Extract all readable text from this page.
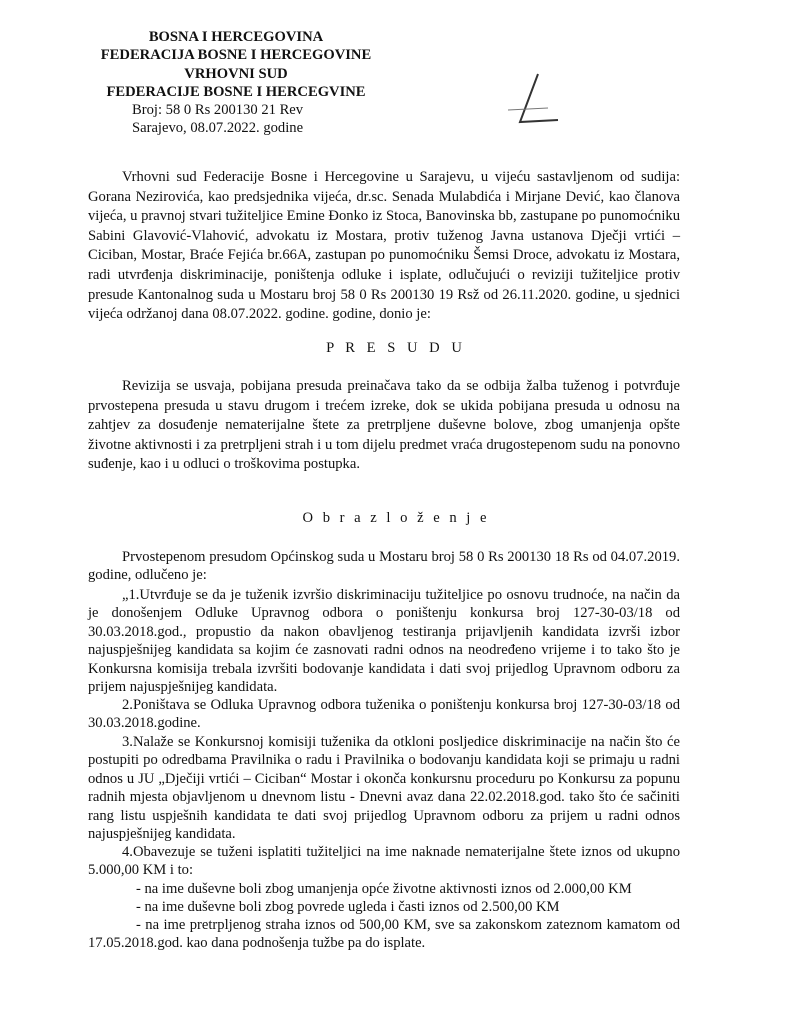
BOSNA I HERCEGOVINA
FEDERACIJA BOSNE I HERCEGOVINE
VRHOVNI SUD
FEDERACIJE BOSNE I HERCEGVINE
Broj: 58 0 Rs 200130 21 Rev
Sarajevo, 08.07.2022. godine
Vrhovni sud Federacije Bosne i Hercegovine u Sarajevu, u vijeću sastavljenom od sudija: Gorana Nezirovića, kao predsjednika vijeća, dr.sc. Senada Mulabdića i Mirjane Dević, kao članova vijeća, u pravnoj stvari tužiteljice Emine Đonko iz Stoca, Banovinska bb, zastupane po punomoćniku Sabini Glavović-Vlahović, advokatu iz Mostara, protiv tuženog Javna ustanova Dječji vrtići – Ciciban, Mostar, Braće Fejića br.66A, zastupan po punomoćniku Šemsi Droce, advokatu iz Mostara, radi utvrđenja diskriminacije, poništenja odluke i isplate, odlučujući o reviziji tužiteljice protiv presude Kantonalnog suda u Mostaru broj 58 0 Rs 200130 19 Rsž od 26.11.2020. godine, u sjednici vijeća održanoj dana 08.07.2022. godine. godine, donio je:
P R E S U D U
Revizija se usvaja, pobijana presuda preinačava tako da se odbija žalba tuženog i potvrđuje prvostepena presuda u stavu drugom i trećem izreke, dok se ukida pobijana presuda u odnosu na zahtjev za dosuđenje nematerijalne štete za pretrpljene duševne bolove, zbog umanjenja opšte životne aktivnosti i za pretrpljeni strah i u tom dijelu predmet vraća drugostepenom sudu na ponovno suđenje, kao i u odluci o troškovima postupka.
O b r a z l o ž e n j e
Prvostepenom presudom Općinskog suda u Mostaru broj 58 0 Rs 200130 18 Rs od 04.07.2019. godine, odlučeno je:
„1.Utvrđuje se da je tuženik izvršio diskriminaciju tužiteljice po osnovu trudnoće, na način da je donošenjem Odluke Upravnog odbora o poništenju konkursa broj 127-30-03/18 od 30.03.2018.god., propustio da nakon obavljenog testiranja prijavljenih kandidata izvrši izbor najuspješnijeg kandidata sa kojim će zasnovati radni odnos na neodređeno vrijeme i to tako što je Konkursna komisija trebala izvršiti bodovanje kandidata i dati svoj prijedlog Upravnom odboru za prijem najuspješnijeg kandidata.
2.Poništava se Odluka Upravnog odbora tuženika o poništenju konkursa broj 127-30-03/18 od 30.03.2018.godine.
3.Nalaže se Konkursnoj komisiji tuženika da otkloni posljedice diskriminacije na način što će postupiti po odredbama Pravilnika o radu i Pravilnika o bodovanju kandidata koji se primaju u radni odnos u JU „Dječiji vrtići – Ciciban“ Mostar i okonča konkursnu proceduru po Konkursu za popunu radnih mjesta objavljenom u dnevnom listu - Dnevni avaz dana 22.02.2018.god. tako što će sačiniti rang listu uspješnih kandidata te dati svoj prijedlog Upravnom odboru za prijem u radni odnos najuspješnijeg kandidata.
4.Obavezuje se tuženi isplatiti tužiteljici na ime naknade nematerijalne štete iznos od ukupno 5.000,00 KM i to:
- na ime duševne boli zbog umanjenja opće životne aktivnosti iznos od 2.000,00 KM
- na ime duševne boli zbog povrede ugleda i časti iznos od 2.500,00 KM
- na ime pretrpljenog straha iznos od 500,00 KM, sve sa zakonskom zateznom kamatom od 17.05.2018.god. kao dana podnošenja tužbe pa do isplate.
